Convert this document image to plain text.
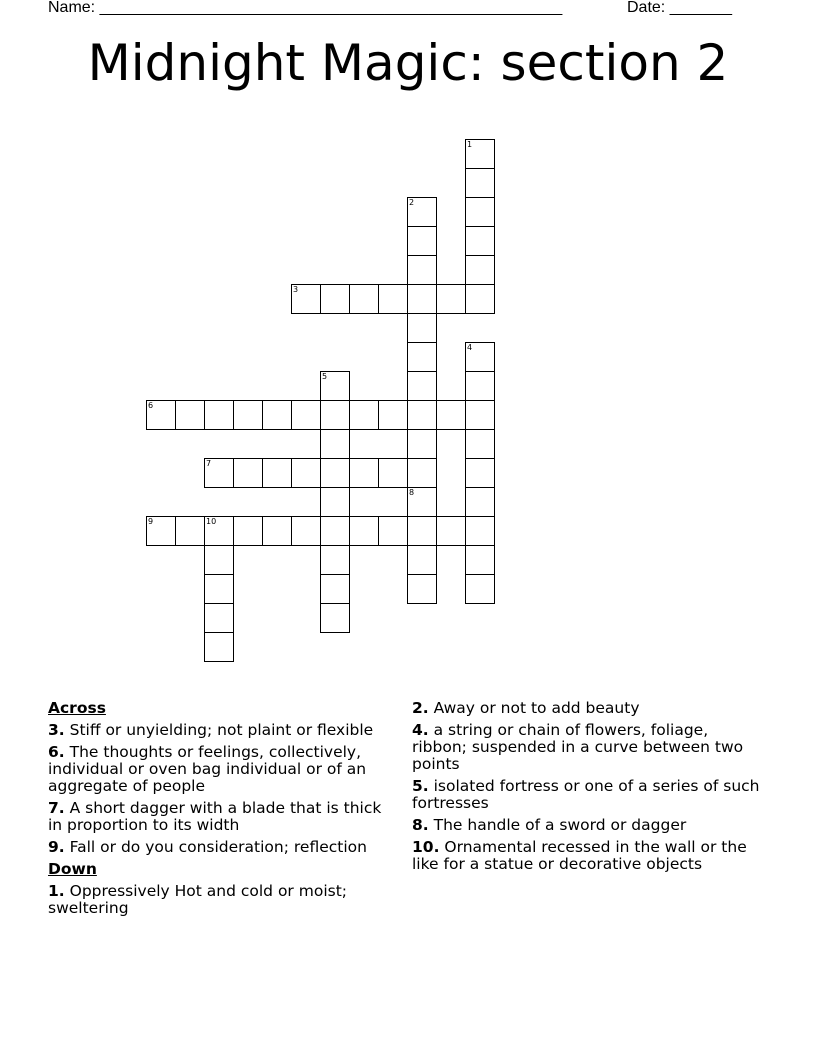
Name: ____________________________________________________	Date: _______
Midnight Magic: section 2
1
2
3
4
5
6
7
8
9	10
Across
3. Stiff or unyielding; not plaint or flexible
6. The thoughts or feelings, collectively, individual or oven bag individual or of an aggregate of people
7. A short dagger with a blade that is thick in proportion to its width
9. Fall or do you consideration; reflection
Down
1. Oppressively Hot and cold or moist; sweltering
2. Away or not to add beauty
4. a string or chain of flowers, foliage, ribbon; suspended in a curve between two points
5. isolated fortress or one of a series of such fortresses
8. The handle of a sword or dagger
10. Ornamental recessed in the wall or the like for a statue or decorative objects
